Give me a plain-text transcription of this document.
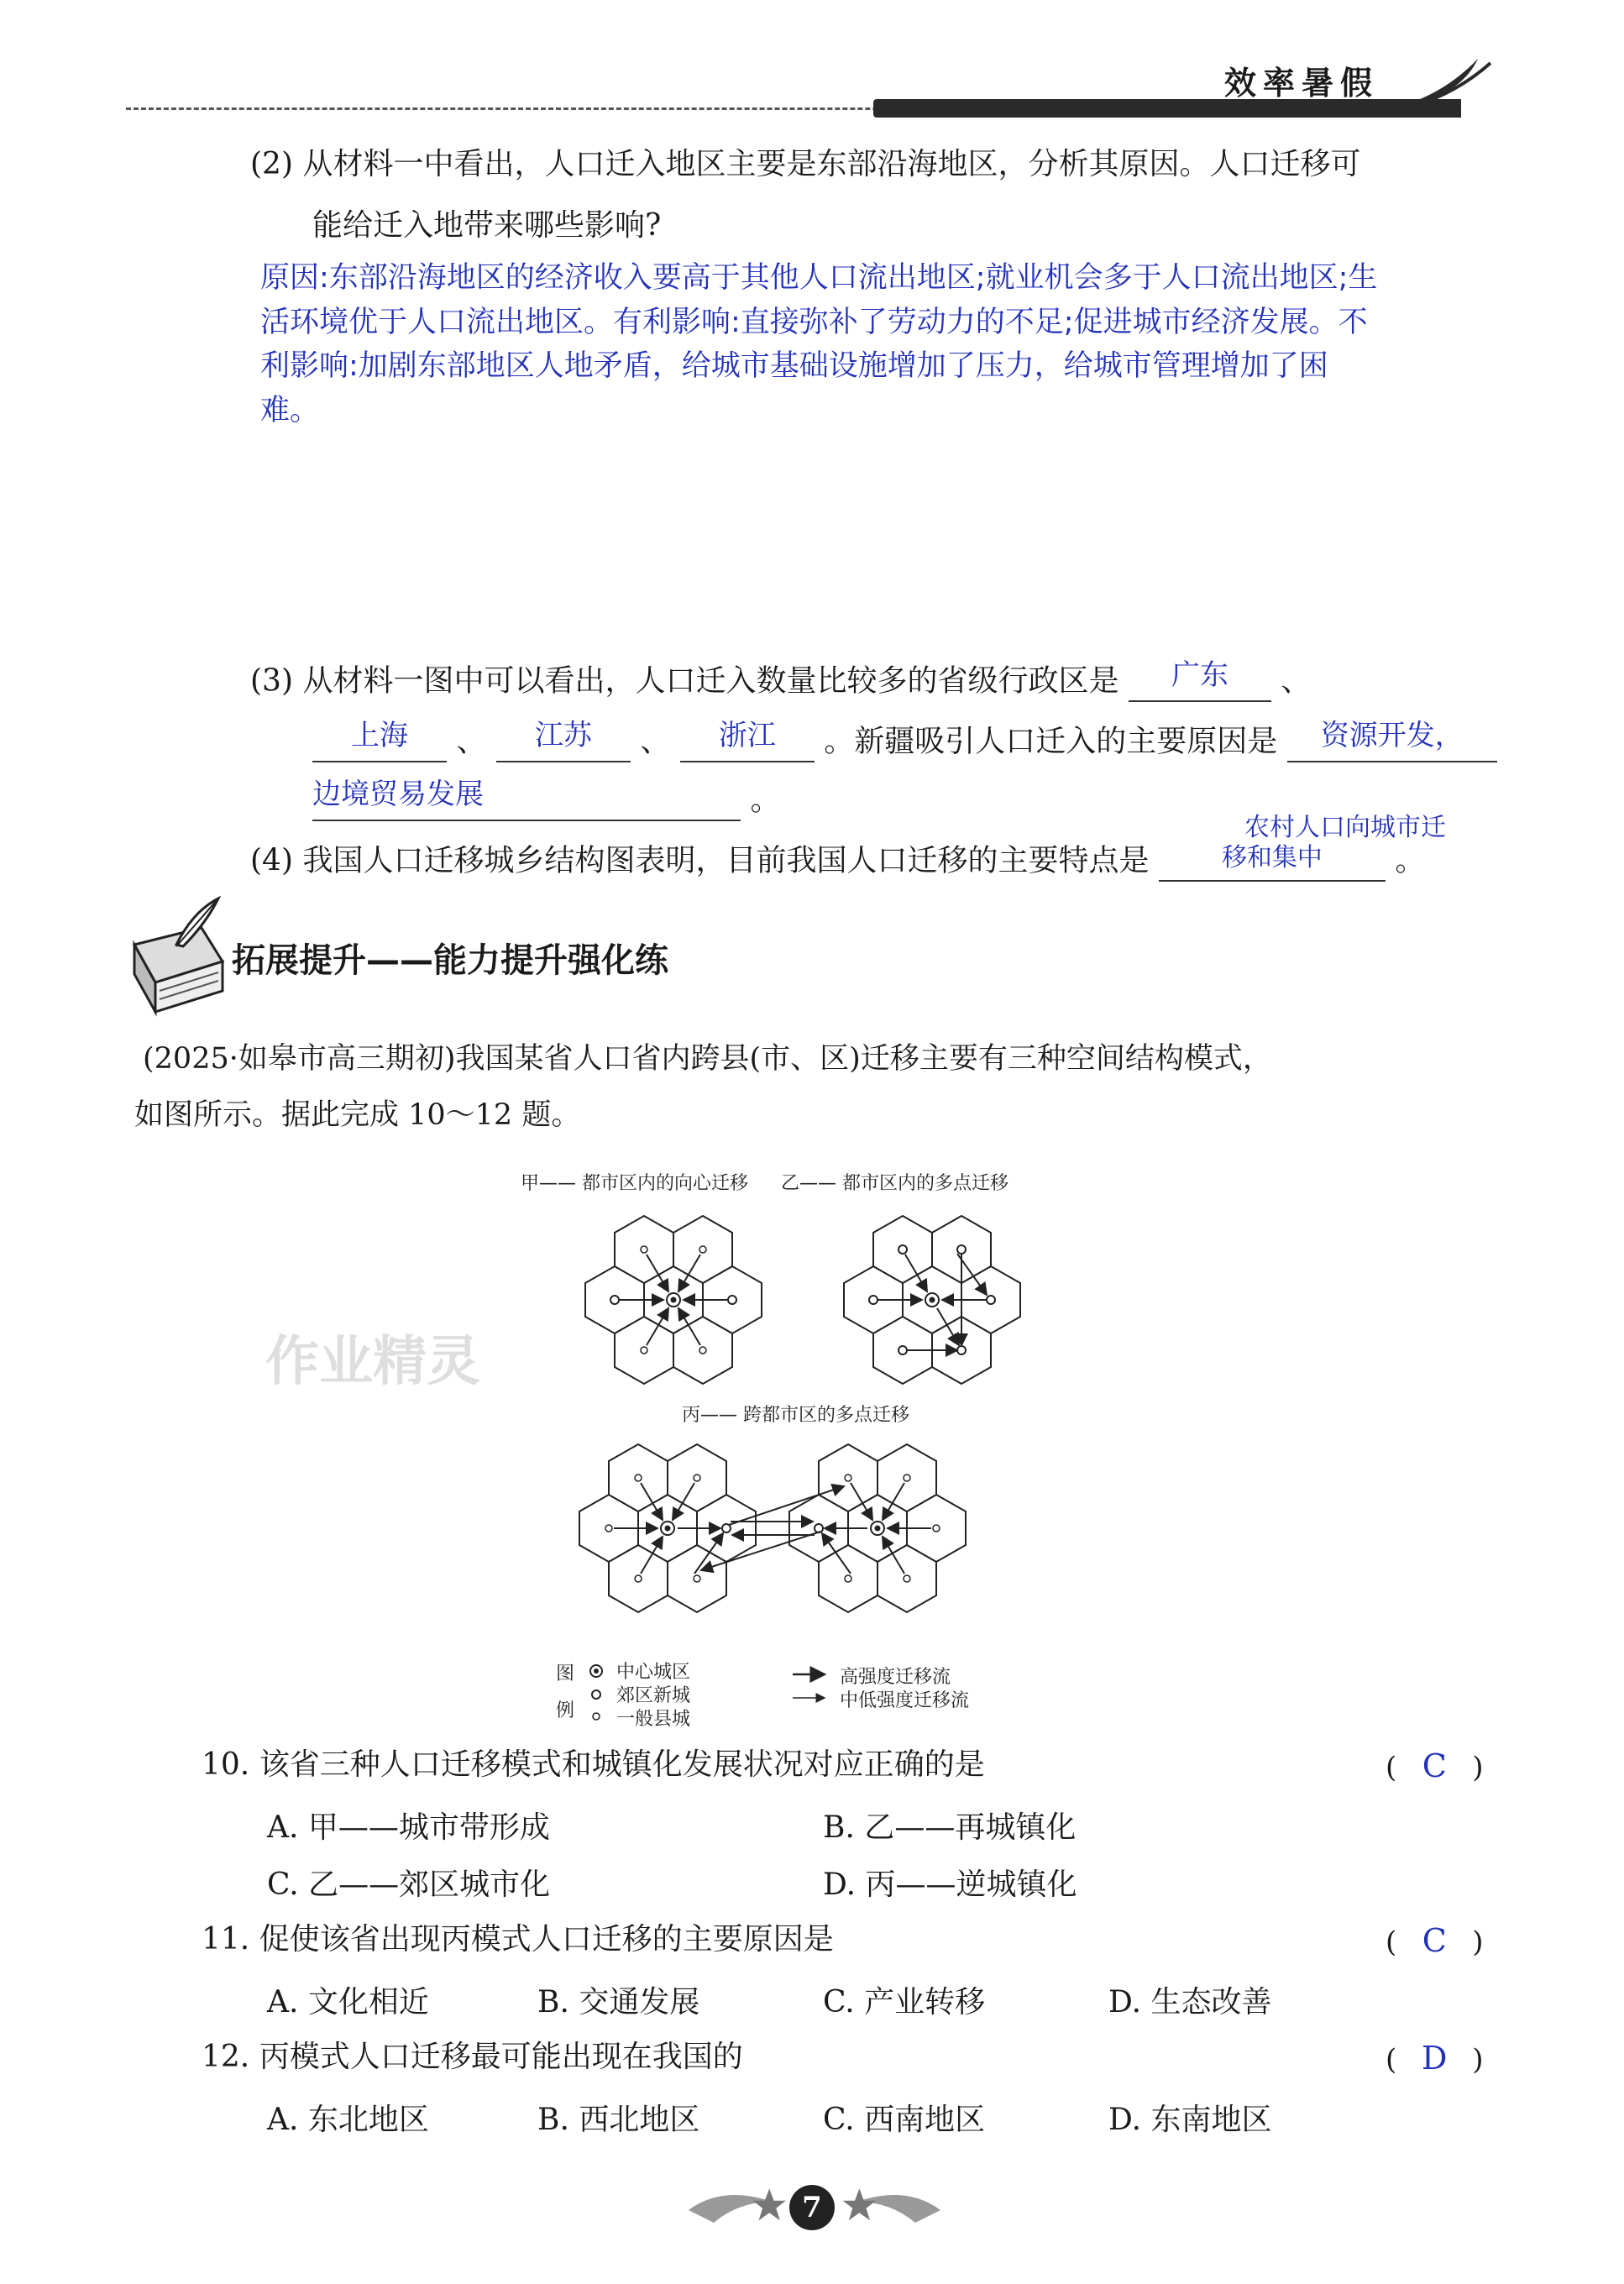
效率暑假
(2) 从材料一中看出，人口迁入地区主要是东部沿海地区，分析其原因。人口迁移可
能给迁入地带来哪些影响?
原因:东部沿海地区的经济收入要高于其他人口流出地区;就业机会多于人口流出地区;生
活环境优于人口流出地区。有利影响:直接弥补了劳动力的不足;促进城市经济发展。不
利影响:加剧东部地区人地矛盾，给城市基础设施增加了压力，给城市管理增加了困
难。
(3) 从材料一图中可以看出，人口迁入数量比较多的省级行政区是	广东	、
上海	、	江苏	、	浙江	。新疆吸引人口迁入的主要原因是	资源开发，
边境贸易发展	。
农村人口向城市迁
(4) 我国人口迁移城乡结构图表明，目前我国人口迁移的主要特点是	移和集中	。
拓展提升——能力提升强化练
(2025·如皋市高三期初)我国某省人口省内跨县(市、区)迁移主要有三种空间结构模式，
如图所示。据此完成 10～12 题。
甲—— 都市区内的向心迁移 乙—— 都市区内的多点迁移
丙—— 跨都市区的多点迁移
作业精灵
图
例
中心城区
郊区新城
一般县城
高强度迁移流
中低强度迁移流
10. 该省三种人口迁移模式和城镇化发展状况对应正确的是	( C )
A. 甲——城市带形成	B. 乙——再城镇化
C. 乙——郊区城市化	D. 丙——逆城镇化
11. 促使该省出现丙模式人口迁移的主要原因是	( C )
A. 文化相近	B. 交通发展	C. 产业转移	D. 生态改善
12. 丙模式人口迁移最可能出现在我国的	( D )
A. 东北地区	B. 西北地区	C. 西南地区	D. 东南地区
7
